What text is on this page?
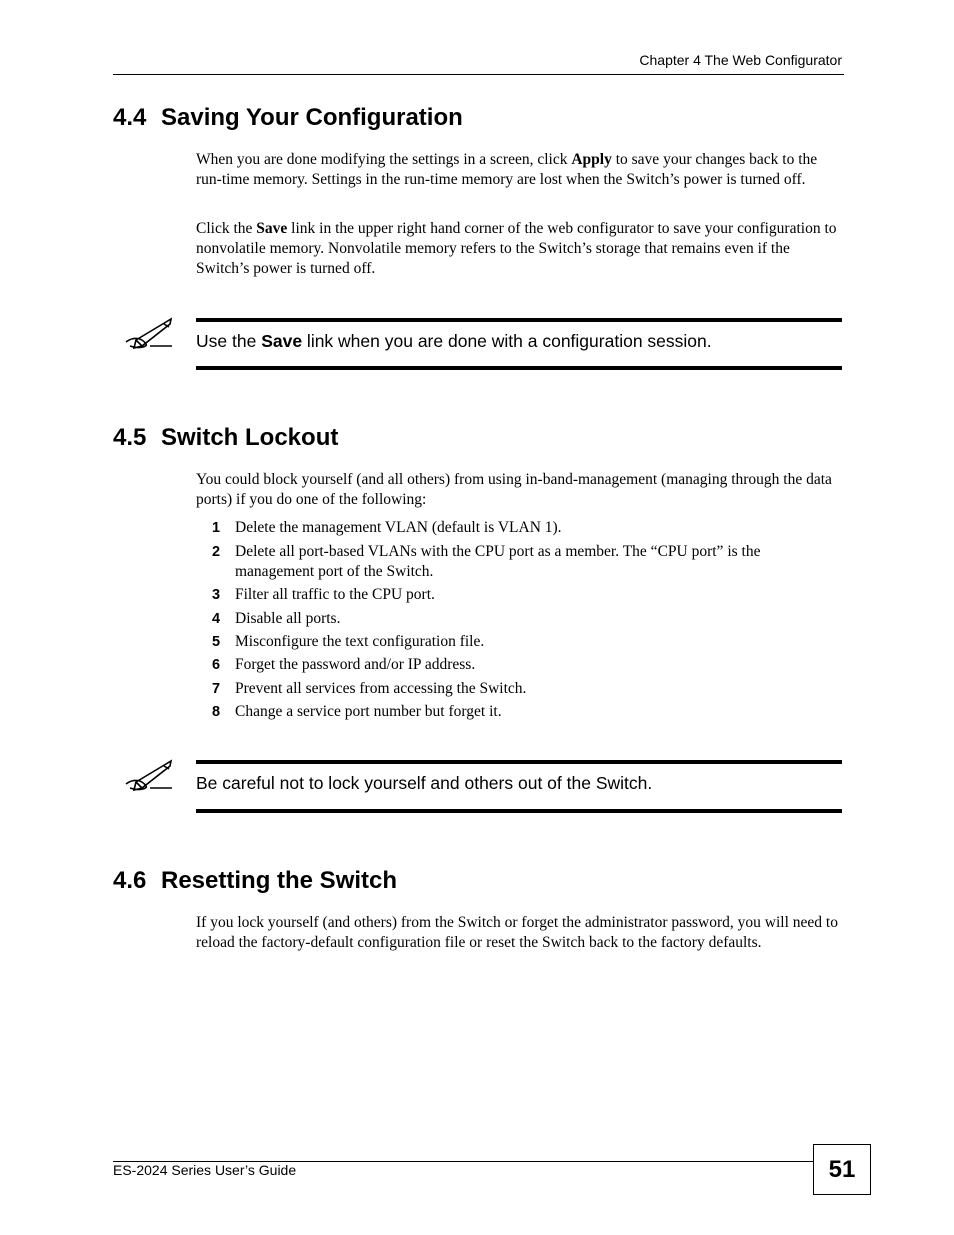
Chapter 4 The Web Configurator
4.4 Saving Your Configuration

When you are done modifying the settings in a screen, click Apply to save your changes back to the run-time memory. Settings in the run-time memory are lost when the Switch’s power is turned off.

Click the Save link in the upper right hand corner of the web configurator to save your configuration to nonvolatile memory. Nonvolatile memory refers to the Switch’s storage that remains even if the Switch’s power is turned off.

Use the Save link when you are done with a configuration session.
4.5 Switch Lockout

You could block yourself (and all others) from using in-band-management (managing through the data ports) if you do one of the following:

1 Delete the management VLAN (default is VLAN 1).
2 Delete all port-based VLANs with the CPU port as a member. The “CPU port” is the management port of the Switch.
3 Filter all traffic to the CPU port.
4 Disable all ports.
5 Misconfigure the text configuration file.
6 Forget the password and/or IP address.
7 Prevent all services from accessing the Switch.
8 Change a service port number but forget it.
Be careful not to lock yourself and others out of the Switch.
4.6 Resetting the Switch

If you lock yourself (and others) from the Switch or forget the administrator password, you will need to reload the factory-default configuration file or reset the Switch back to the factory defaults.

ES-2024 Series User’s Guide	51
